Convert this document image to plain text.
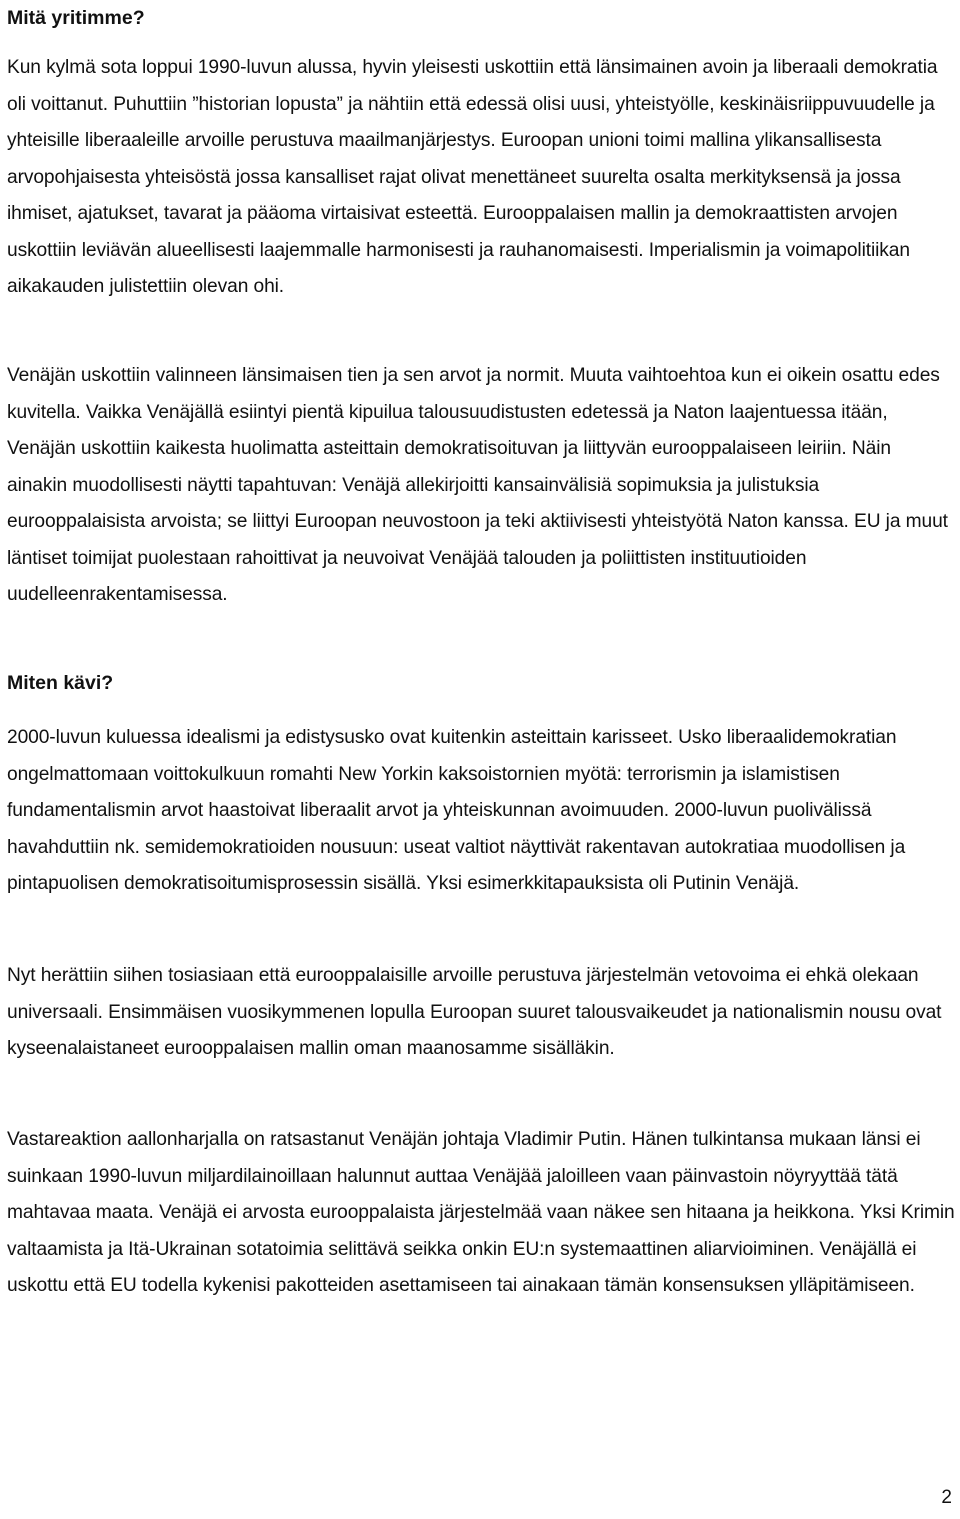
Mitä yritimme?

Kun kylmä sota loppui 1990-luvun alussa, hyvin yleisesti uskottiin että länsimainen avoin ja liberaali demokratia oli voittanut. Puhuttiin ”historian lopusta” ja nähtiin että edessä olisi uusi, yhteistyölle, keskinäisriippuvuudelle ja yhteisille liberaaleille arvoille perustuva maailmanjärjestys. Euroopan unioni toimi mallina ylikansallisesta arvopohjaisesta yhteisöstä jossa kansalliset rajat olivat menettäneet suurelta osalta merkityksensä ja jossa ihmiset, ajatukset, tavarat ja pääoma virtaisivat esteettä. Eurooppalaisen mallin ja demokraattisten arvojen uskottiin leviävän alueellisesti laajemmalle harmonisesti ja rauhanomaisesti. Imperialismin ja voimapolitiikan aikakauden julistettiin olevan ohi.

Venäjän uskottiin valinneen länsimaisen tien ja sen arvot ja normit. Muuta vaihtoehtoa kun ei oikein osattu edes kuvitella. Vaikka Venäjällä esiintyi pientä kipuilua talousuudistusten edetessä ja Naton laajentuessa itään, Venäjän uskottiin kaikesta huolimatta asteittain demokratisoituvan ja liittyvän eurooppalaiseen leiriin. Näin ainakin muodollisesti näytti tapahtuvan: Venäjä allekirjoitti kansainvälisiä sopimuksia ja julistuksia eurooppalaisista arvoista; se liittyi Euroopan neuvostoon ja teki aktiivisesti yhteistyötä Naton kanssa. EU ja muut läntiset toimijat puolestaan rahoittivat ja neuvoivat Venäjää talouden ja poliittisten instituutioiden uudelleenrakentamisessa.

Miten kävi?

2000-luvun kuluessa idealismi ja edistysusko ovat kuitenkin asteittain karisseet. Usko liberaalidemokratian ongelmattomaan voittokulkuun romahti New Yorkin kaksoistornien myötä: terrorismin ja islamistisen fundamentalismin arvot haastoivat liberaalit arvot ja yhteiskunnan avoimuuden. 2000-luvun puolivälissä havahduttiin nk. semidemokratioiden nousuun: useat valtiot näyttivät rakentavan autokratiaa muodollisen ja pintapuolisen demokratisoitumisprosessin sisällä. Yksi esimerkkitapauksista oli Putinin Venäjä.

Nyt herättiin siihen tosiasiaan että eurooppalaisille arvoille perustuva järjestelmän vetovoima ei ehkä olekaan universaali. Ensimmäisen vuosikymmenen lopulla Euroopan suuret talousvaikeudet ja nationalismin nousu ovat kyseenalaistaneet eurooppalaisen mallin oman maanosamme sisälläkin.

Vastareaktion aallonharjalla on ratsastanut Venäjän johtaja Vladimir Putin. Hänen tulkintansa mukaan länsi ei suinkaan 1990-luvun miljardilainoillaan halunnut auttaa Venäjää jaloilleen vaan päinvastoin nöyryyttää tätä mahtavaa maata. Venäjä ei arvosta eurooppalaista järjestelmää vaan näkee sen hitaana ja heikkona. Yksi Krimin valtaamista ja Itä-Ukrainan sotatoimia selittävä seikka onkin EU:n systemaattinen aliarvioiminen. Venäjällä ei uskottu että EU todella kykenisi pakotteiden asettamiseen tai ainakaan tämän konsensuksen ylläpitämiseen.

2
